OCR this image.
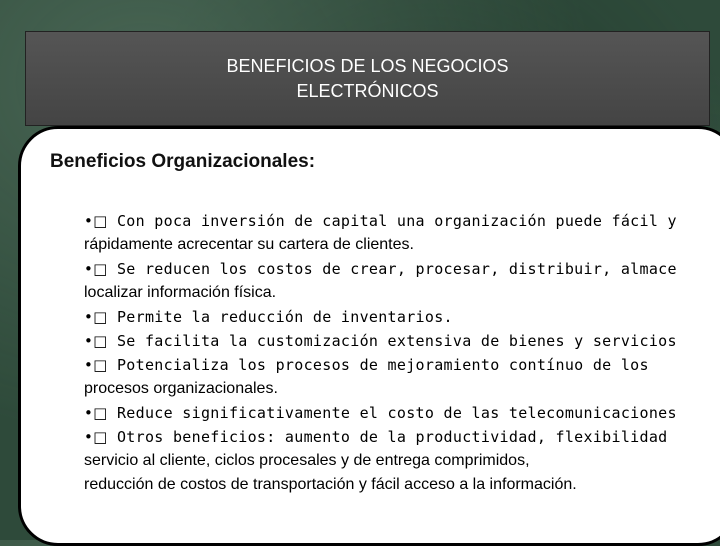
BENEFICIOS DE LOS NEGOCIOS
ELECTRÓNICOS
Beneficios Organizacionales:
•□ Con poca inversión de capital una organización puede fácil y
rápidamente acrecentar su cartera de clientes.
•□ Se reducen los costos de crear, procesar, distribuir, almace
localizar información física.
•□ Permite la reducción de inventarios.
•□ Se facilita la customización extensiva de bienes y servicios
•□ Potencializa los procesos de mejoramiento contínuo de los
procesos organizacionales.
•□ Reduce significativamente el costo de las telecomunicaciones
•□ Otros beneficios: aumento de la productividad, flexibilidad
servicio al cliente, ciclos procesales y de entrega comprimidos,
reducción de costos de transportación y fácil acceso a la información.
